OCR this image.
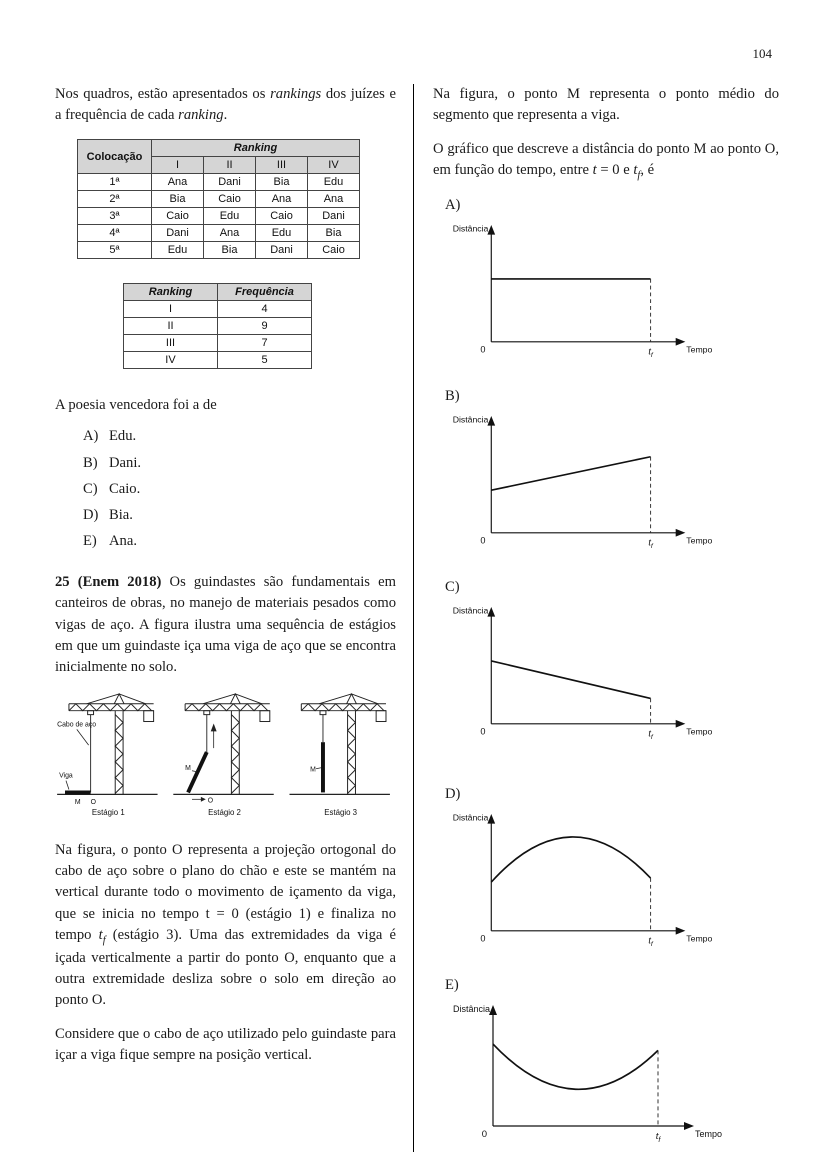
104

Nos quadros, estão apresentados os rankings dos juízes e a frequência de cada ranking.

Colocação	Ranking			
	I	II	III	IV
1ª	Ana	Dani	Bia	Edu
2ª	Bia	Caio	Ana	Ana
3ª	Caio	Edu	Caio	Dani
4ª	Dani	Ana	Edu	Bia
5ª	Edu	Bia	Dani	Caio
Ranking	Frequência
I	4
II	9
III	7
IV	5

A poesia vencedora foi a de

A) Edu.
B) Dani.
C) Caio.
D) Bia.
E) Ana.

25 (Enem 2018) Os guindastes são fundamentais em canteiros de obras, no manejo de materiais pesados como vigas de aço. A figura ilustra uma sequência de estágios em que um guindaste iça uma viga de aço que se encontra inicialmente no solo.

Cabo de aço
Viga
M O
Estágio 1
M
O
Estágio 2
M
Estágio 3

Na figura, o ponto O representa a projeção ortogonal do cabo de aço sobre o plano do chão e este se mantém na vertical durante todo o movimento de içamento da viga, que se inicia no tempo t = 0 (estágio 1) e finaliza no tempo $t_f$ (estágio 3). Uma das extremidades da viga é içada verticalmente a partir do ponto O, enquanto que a outra extremidade desliza sobre o solo em direção ao ponto O.

Considere que o cabo de aço utilizado pelo guindaste para içar a viga fique sempre na posição vertical.

Na figura, o ponto M representa o ponto médio do segmento que representa a viga.

O gráfico que descreve a distância do ponto M ao ponto O, em função do tempo, entre t = 0 e $t_f$, é

A)
Distância
0	$t_f$
Tempo
B)
Distância
0	$t_f$
Tempo
C)
Distância
0	$t_f$
Tempo
D)
Distância
0	$t_f$
Tempo
E)
Distância
0	$t_f$
Tempo
